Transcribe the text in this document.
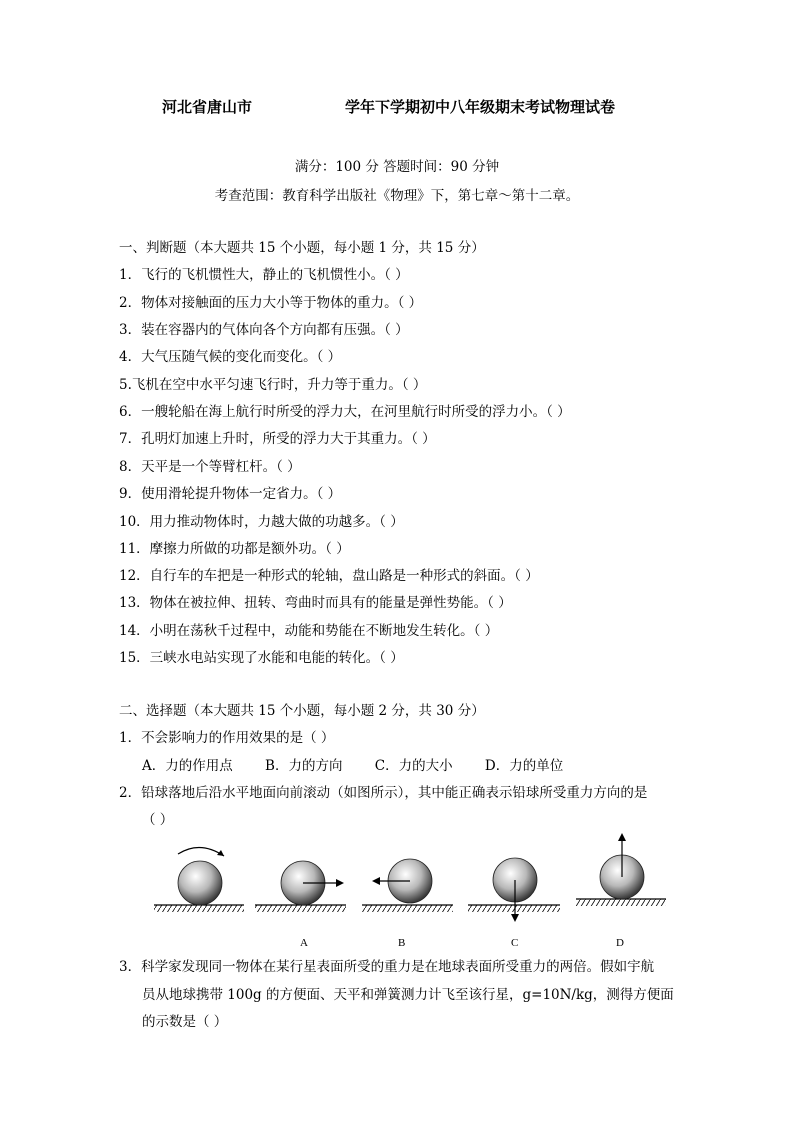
河北省唐山市	学年下学期初中八年级期末考试物理试卷
满分：100 分 答题时间：90 分钟
考查范围：教育科学出版社《物理》下，第七章～第十二章。
一、判断题（本大题共 15 个小题，每小题 1 分，共 15 分）
1．飞行的飞机惯性大，静止的飞机惯性小。（ ）
2．物体对接触面的压力大小等于物体的重力。（ ）
3．装在容器内的气体向各个方向都有压强。（ ）
4．大气压随气候的变化而变化。（ ）
5.飞机在空中水平匀速飞行时，升力等于重力。（ ）
6．一艘轮船在海上航行时所受的浮力大，在河里航行时所受的浮力小。（ ）
7．孔明灯加速上升时，所受的浮力大于其重力。（ ）
8．天平是一个等臂杠杆。（ ）
9．使用滑轮提升物体一定省力。（ ）
10．用力推动物体时，力越大做的功越多。（ ）
11．摩擦力所做的功都是额外功。（ ）
12．自行车的车把是一种形式的轮轴，盘山路是一种形式的斜面。（ ）
13．物体在被拉伸、扭转、弯曲时而具有的能量是弹性势能。（ ）
14．小明在荡秋千过程中，动能和势能在不断地发生转化。（ ）
15．三峡水电站实现了水能和电能的转化。（ ）
二、选择题（本大题共 15 个小题，每小题 2 分，共 30 分）
1．不会影响力的作用效果的是（ ）
A．力的作用点 B．力的方向 C．力的大小 D．力的单位
2．铅球落地后沿水平地面向前滚动（如图所示），其中能正确表示铅球所受重力方向的是
（ ）
A	B	C	D
3．科学家发现同一物体在某行星表面所受的重力是在地球表面所受重力的两倍。假如宇航
员从地球携带 100g 的方便面、天平和弹簧测力计飞至该行星，g=10N/kg，测得方便面
的示数是（ ）
